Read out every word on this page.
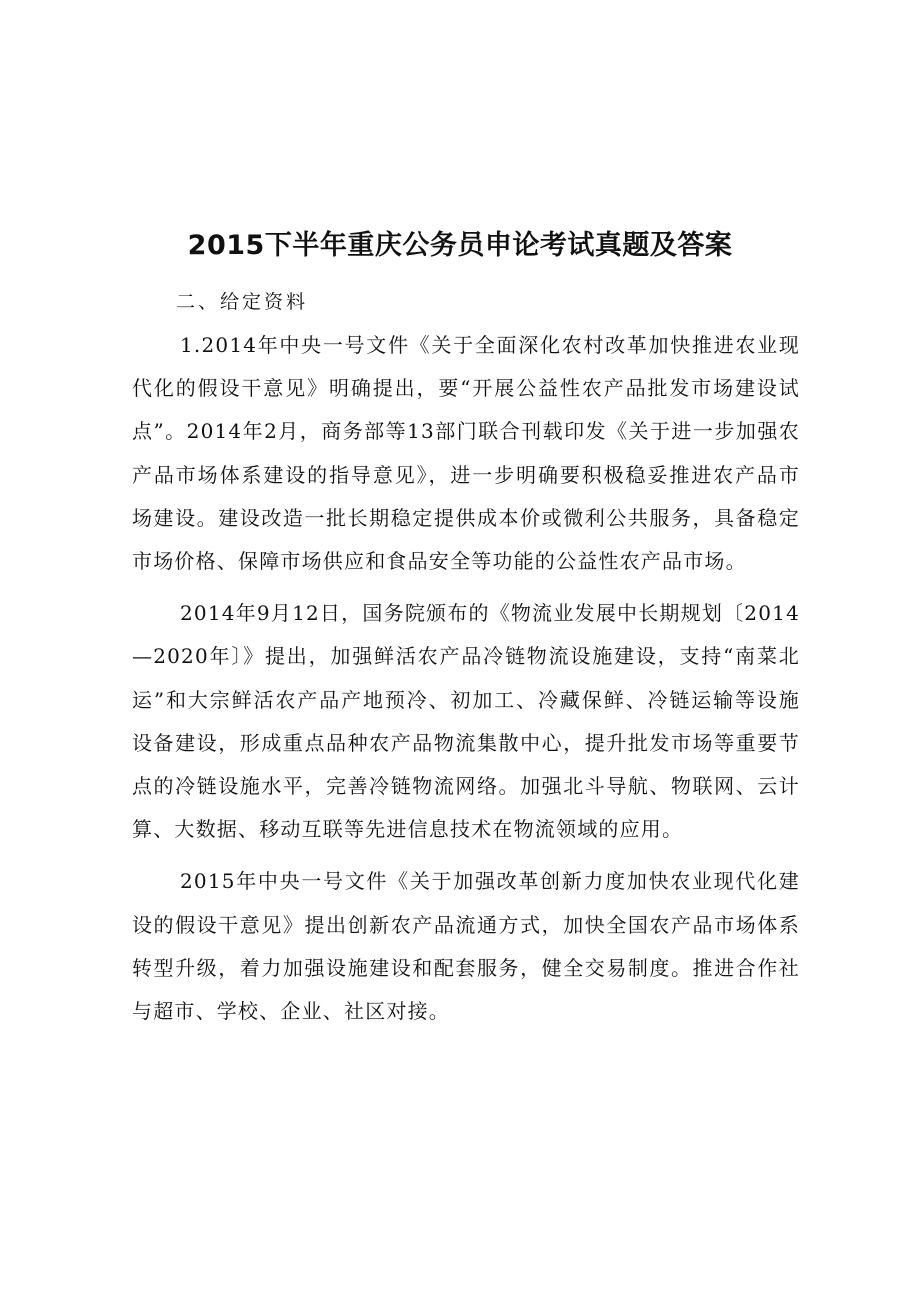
2015下半年重庆公务员申论考试真题及答案

二、给定资料

1.2014年中央一号文件《关于全面深化农村改革加快推进农业现代化的假设干意见》明确提出，要“开展公益性农产品批发市场建设试点”。2014年2月，商务部等13部门联合刊载印发《关于进一步加强农产品市场体系建设的指导意见》，进一步明确要积极稳妥推进农产品市场建设。建设改造一批长期稳定提供成本价或微利公共服务，具备稳定市场价格、保障市场供应和食品安全等功能的公益性农产品市场。

2014年9月12日，国务院颁布的《物流业发展中长期规划〔2014—2020年〕》提出，加强鲜活农产品冷链物流设施建设，支持“南菜北运”和大宗鲜活农产品产地预冷、初加工、冷藏保鲜、冷链运输等设施设备建设，形成重点品种农产品物流集散中心，提升批发市场等重要节点的冷链设施水平，完善冷链物流网络。加强北斗导航、物联网、云计算、大数据、移动互联等先进信息技术在物流领域的应用。

2015年中央一号文件《关于加强改革创新力度加快农业现代化建设的假设干意见》提出创新农产品流通方式，加快全国农产品市场体系转型升级，着力加强设施建设和配套服务，健全交易制度。推进合作社与超市、学校、企业、社区对接。
